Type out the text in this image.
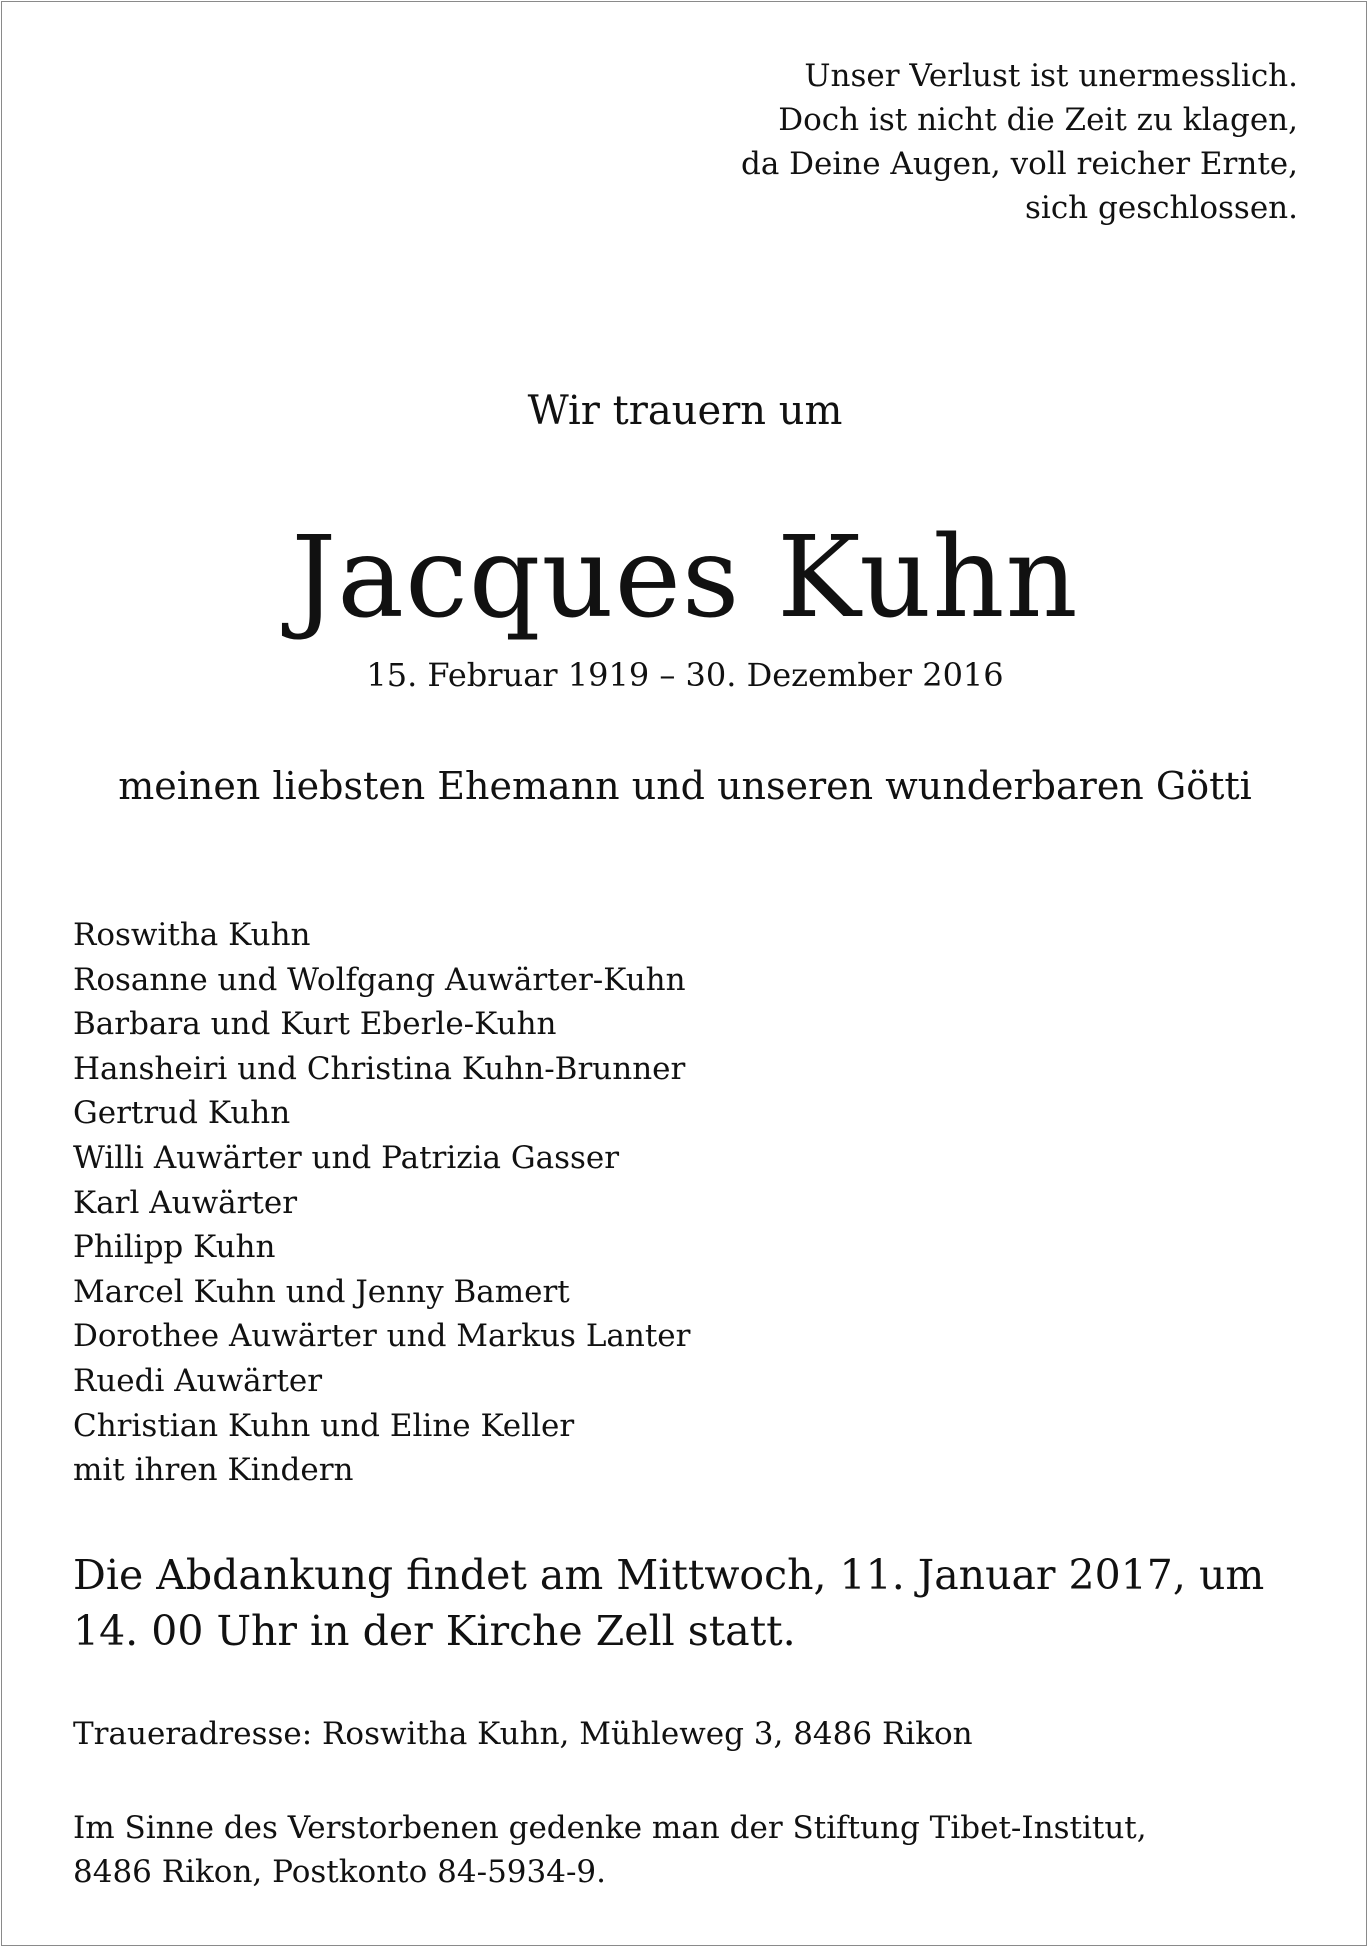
Unser Verlust ist unermesslich.
Doch ist nicht die Zeit zu klagen,
da Deine Augen, voll reicher Ernte,
sich geschlossen.
Wir trauern um
Jacques Kuhn
15. Februar 1919 – 30. Dezember 2016
meinen liebsten Ehemann und unseren wunderbaren Götti
Roswitha Kuhn
Rosanne und Wolfgang Auwärter-Kuhn
Barbara und Kurt Eberle-Kuhn
Hansheiri und Christina Kuhn-Brunner
Gertrud Kuhn
Willi Auwärter und Patrizia Gasser
Karl Auwärter
Philipp Kuhn
Marcel Kuhn und Jenny Bamert
Dorothee Auwärter und Markus Lanter
Ruedi Auwärter
Christian Kuhn und Eline Keller
mit ihren Kindern
Die Abdankung findet am Mittwoch, 11. Januar 2017, um
14. 00 Uhr in der Kirche Zell statt.
Traueradresse: Roswitha Kuhn, Mühleweg 3, 8486 Rikon
Im Sinne des Verstorbenen gedenke man der Stiftung Tibet-Institut,
8486 Rikon, Postkonto 84-5934-9.
